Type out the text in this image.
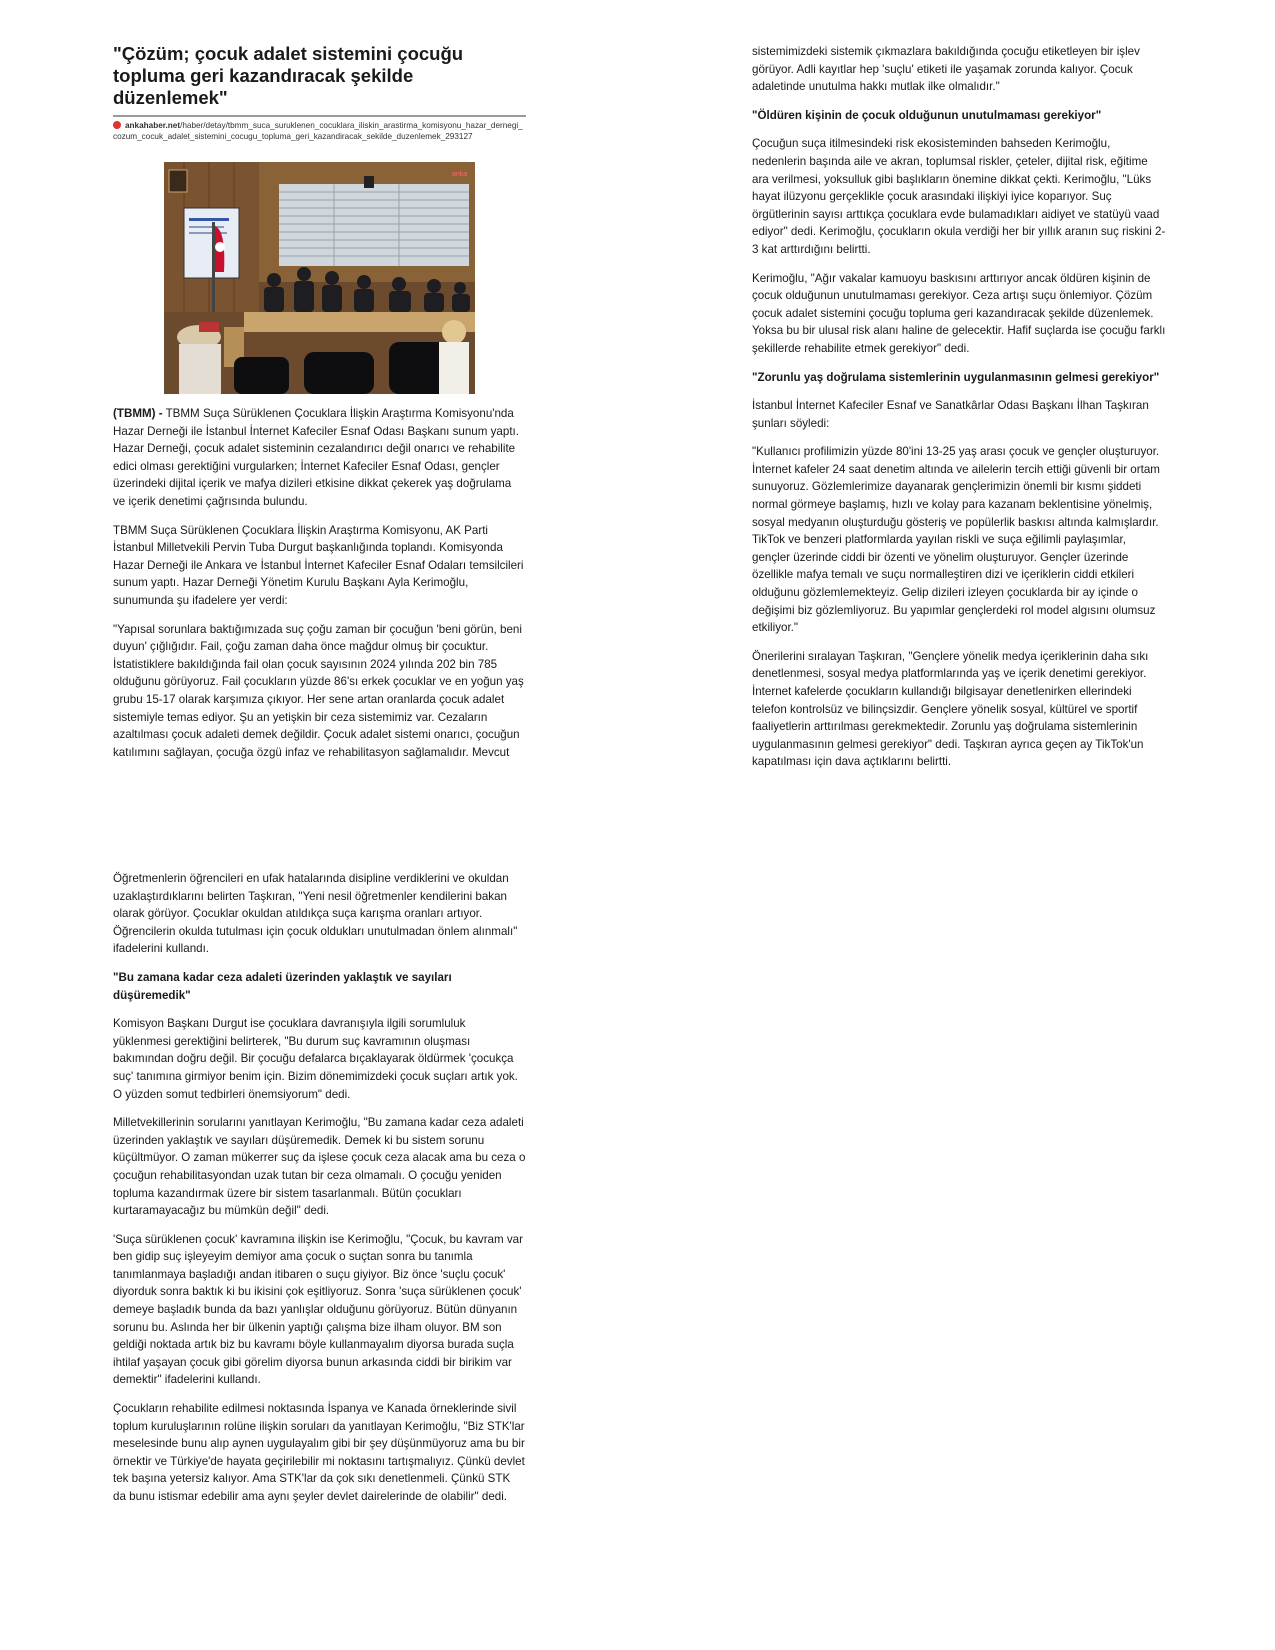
"Çözüm; çocuk adalet sistemini çocuğu topluma geri kazandıracak şekilde düzenlemek"
ankahaber.net/haber/detay/tbmm_suca_suruklenen_cocuklara_iliskin_arastirma_komisyonu_hazar_dernegi_cozum_cocuk_adalet_sistemini_cocugu_topluma_geri_kazandiracak_sekilde_duzenlemek_293127
anka

(TBMM) - TBMM Suça Sürüklenen Çocuklara İlişkin Araştırma Komisyonu'nda Hazar Derneği ile İstanbul İnternet Kafeciler Esnaf Odası Başkanı sunum yaptı. Hazar Derneği, çocuk adalet sisteminin cezalandırıcı değil onarıcı ve rehabilite edici olması gerektiğini vurgularken; İnternet Kafeciler Esnaf Odası, gençler üzerindeki dijital içerik ve mafya dizileri etkisine dikkat çekerek yaş doğrulama ve içerik denetimi çağrısında bulundu.

TBMM Suça Sürüklenen Çocuklara İlişkin Araştırma Komisyonu, AK Parti İstanbul Milletvekili Pervin Tuba Durgut başkanlığında toplandı. Komisyonda Hazar Derneği ile Ankara ve İstanbul İnternet Kafeciler Esnaf Odaları temsilcileri sunum yaptı. Hazar Derneği Yönetim Kurulu Başkanı Ayla Kerimoğlu, sunumunda şu ifadelere yer verdi:

"Yapısal sorunlara baktığımızada suç çoğu zaman bir çocuğun 'beni görün, beni duyun' çığlığıdır. Fail, çoğu zaman daha önce mağdur olmuş bir çocuktur. İstatistiklere bakıldığında fail olan çocuk sayısının 2024 yılında 202 bin 785 olduğunu görüyoruz. Fail çocukların yüzde 86'sı erkek çocuklar ve en yoğun yaş grubu 15-17 olarak karşımıza çıkıyor. Her sene artan oranlarda çocuk adalet sistemiyle temas ediyor. Şu an yetişkin bir ceza sistemimiz var. Cezaların azaltılması çocuk adaleti demek değildir. Çocuk adalet sistemi onarıcı, çocuğun katılımını sağlayan, çocuğa özgü infaz ve rehabilitasyon sağlamalıdır. Mevcut

sistemimizdeki sistemik çıkmazlara bakıldığında çocuğu etiketleyen bir işlev görüyor. Adli kayıtlar hep 'suçlu' etiketi ile yaşamak zorunda kalıyor. Çocuk adaletinde unutulma hakkı mutlak ilke olmalıdır."

"Öldüren kişinin de çocuk olduğunun unutulmaması gerekiyor"

Çocuğun suça itilmesindeki risk ekosisteminden bahseden Kerimoğlu, nedenlerin başında aile ve akran, toplumsal riskler, çeteler, dijital risk, eğitime ara verilmesi, yoksulluk gibi başlıkların önemine dikkat çekti. Kerimoğlu, "Lüks hayat ilüzyonu gerçeklikle çocuk arasındaki ilişkiyi iyice koparıyor. Suç örgütlerinin sayısı arttıkça çocuklara evde bulamadıkları aidiyet ve statüyü vaad ediyor" dedi. Kerimoğlu, çocukların okula verdiği her bir yıllık aranın suç riskini 2-3 kat arttırdığını belirtti.

Kerimoğlu, "Ağır vakalar kamuoyu baskısını arttırıyor ancak öldüren kişinin de çocuk olduğunun unutulmaması gerekiyor. Ceza artışı suçu önlemiyor. Çözüm çocuk adalet sistemini çocuğu topluma geri kazandıracak şekilde düzenlemek. Yoksa bu bir ulusal risk alanı haline de gelecektir. Hafif suçlarda ise çocuğu farklı şekillerde rehabilite etmek gerekiyor" dedi.

"Zorunlu yaş doğrulama sistemlerinin uygulanmasının gelmesi gerekiyor"

İstanbul İnternet Kafeciler Esnaf ve Sanatkârlar Odası Başkanı İlhan Taşkıran şunları söyledi:

"Kullanıcı profilimizin yüzde 80'ini 13-25 yaş arası çocuk ve gençler oluşturuyor. İnternet kafeler 24 saat denetim altında ve ailelerin tercih ettiği güvenli bir ortam sunuyoruz. Gözlemlerimize dayanarak gençlerimizin önemli bir kısmı şiddeti normal görmeye başlamış, hızlı ve kolay para kazanam beklentisine yönelmiş, sosyal medyanın oluşturduğu gösteriş ve popülerlik baskısı altında kalmışlardır. TikTok ve benzeri platformlarda yayılan riskli ve suça eğilimli paylaşımlar, gençler üzerinde ciddi bir özenti ve yönelim oluşturuyor. Gençler üzerinde özellikle mafya temalı ve suçu normalleştiren dizi ve içeriklerin ciddi etkileri olduğunu gözlemlemekteyiz. Gelip dizileri izleyen çocuklarda bir ay içinde o değişimi biz gözlemliyoruz. Bu yapımlar gençlerdeki rol model algısını olumsuz etkiliyor."

Önerilerini sıralayan Taşkıran, "Gençlere yönelik medya içeriklerinin daha sıkı denetlenmesi, sosyal medya platformlarında yaş ve içerik denetimi gerekiyor. İnternet kafelerde çocukların kullandığı bilgisayar denetlenirken ellerindeki telefon kontrolsüz ve bilinçsizdir. Gençlere yönelik sosyal, kültürel ve sportif faaliyetlerin arttırılması gerekmektedir. Zorunlu yaş doğrulama sistemlerinin uygulanmasının gelmesi gerekiyor" dedi. Taşkıran ayrıca geçen ay TikTok'un kapatılması için dava açtıklarını belirtti.

Öğretmenlerin öğrencileri en ufak hatalarında disipline verdiklerini ve okuldan uzaklaştırdıklarını belirten Taşkıran, "Yeni nesil öğretmenler kendilerini bakan olarak görüyor. Çocuklar okuldan atıldıkça suça karışma oranları artıyor. Öğrencilerin okulda tutulması için çocuk oldukları unutulmadan önlem alınmalı" ifadelerini kullandı.

"Bu zamana kadar ceza adaleti üzerinden yaklaştık ve sayıları düşüremedik"

Komisyon Başkanı Durgut ise çocuklara davranışıyla ilgili sorumluluk yüklenmesi gerektiğini belirterek, "Bu durum suç kavramının oluşması bakımından doğru değil. Bir çocuğu defalarca bıçaklayarak öldürmek 'çocukça suç' tanımına girmiyor benim için. Bizim dönemimizdeki çocuk suçları artık yok. O yüzden somut tedbirleri önemsiyorum" dedi.

Milletvekillerinin sorularını yanıtlayan Kerimoğlu, "Bu zamana kadar ceza adaleti üzerinden yaklaştık ve sayıları düşüremedik. Demek ki bu sistem sorunu küçültmüyor. O zaman mükerrer suç da işlese çocuk ceza alacak ama bu ceza o çocuğun rehabilitasyondan uzak tutan bir ceza olmamalı. O çocuğu yeniden topluma kazandırmak üzere bir sistem tasarlanmalı. Bütün çocukları kurtaramayacağız bu mümkün değil" dedi.

'Suça sürüklenen çocuk' kavramına ilişkin ise Kerimoğlu, "Çocuk, bu kavram var ben gidip suç işleyeyim demiyor ama çocuk o suçtan sonra bu tanımla tanımlanmaya başladığı andan itibaren o suçu giyiyor. Biz önce 'suçlu çocuk' diyorduk sonra baktık ki bu ikisini çok eşitliyoruz. Sonra 'suça sürüklenen çocuk' demeye başladık bunda da bazı yanlışlar olduğunu görüyoruz. Bütün dünyanın sorunu bu. Aslında her bir ülkenin yaptığı çalışma bize ilham oluyor. BM son geldiği noktada artık biz bu kavramı böyle kullanmayalım diyorsa burada suçla ihtilaf yaşayan çocuk gibi görelim diyorsa bunun arkasında ciddi bir birikim var demektir" ifadelerini kullandı.

Çocukların rehabilite edilmesi noktasında İspanya ve Kanada örneklerinde sivil toplum kuruluşlarının rolüne ilişkin soruları da yanıtlayan Kerimoğlu, "Biz STK'lar meselesinde bunu alıp aynen uygulayalım gibi bir şey düşünmüyoruz ama bu bir örnektir ve Türkiye'de hayata geçirilebilir mi noktasını tartışmalıyız. Çünkü devlet tek başına yetersiz kalıyor. Ama STK'lar da çok sıkı denetlenmeli. Çünkü STK da bunu istismar edebilir ama aynı şeyler devlet dairelerinde de olabilir" dedi.
